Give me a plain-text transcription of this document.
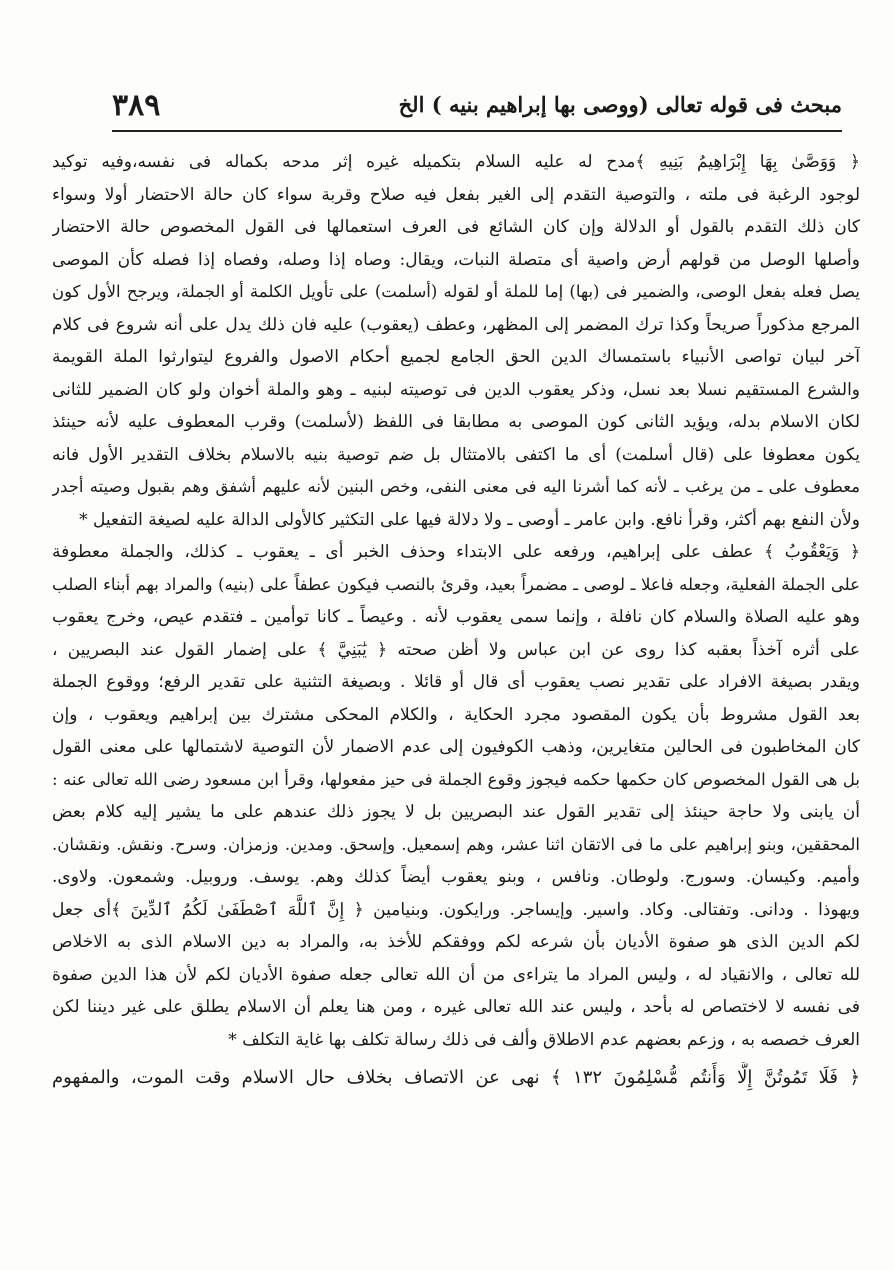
مبحث فى قوله تعالى (ووصى بها إبراهيم بنيه ) الخ
٣٨٩
﴿ وَوَصَّىٰ بِهَا إِبْرَاهِيمُ بَنِيهِ ﴾مدح له عليه السلام بتكميله غيره إثر مدحه بكماله فى نفسه،وفيه توكيد
لوجود الرغبة فى ملته ، والتوصية التقدم إلى الغير بفعل فيه صلاح وقربة سواء كان حالة الاحتضار أولا وسواء
كان ذلك التقدم بالقول أو الدلالة وإن كان الشائع فى العرف استعمالها فى القول المخصوص حالة الاحتضار
وأصلها الوصل من قولهم أرض واصية أى متصلة النبات، ويقال: وصاه إذا وصله، وفصاه إذا فصله كأن الموصى
يصل فعله بفعل الوصى، والضمير فى (بها) إما للملة أو لقوله (أسلمت) على تأويل الكلمة أو الجملة، ويرجح الأول كون
المرجع مذكوراً صريحاً وكذا ترك المضمر إلى المظهر، وعطف (يعقوب) عليه فان ذلك يدل على أنه شروع فى كلام
آخر لبيان تواصى الأنبياء باستمساك الدين الحق الجامع لجميع أحكام الاصول والفروع ليتوارثوا الملة القويمة
والشرع المستقيم نسلا بعد نسل، وذكر يعقوب الدين فى توصيته لبنيه ـ وهو والملة أخوان ولو كان الضمير للثانى
لكان الاسلام بدله، ويؤيد الثانى كون الموصى به مطابقا فى اللفظ (لأسلمت) وقرب المعطوف عليه لأنه حينئذ
يكون معطوفا على (قال أسلمت) أى ما اكتفى بالامتثال بل ضم توصية بنيه بالاسلام بخلاف التقدير الأول فانه
معطوف على ـ من يرغب ـ لأنه كما أشرنا اليه فى معنى النفى، وخص البنين لأنه عليهم أشفق وهم بقبول وصيته أجدر
ولأن النفع بهم أكثر، وقرأ نافع. وابن عامر ـ أوصى ـ ولا دلالة فيها على التكثير كالأولى الدالة عليه لصيغة التفعيل *
﴿ وَيَعْقُوبُ ﴾ عطف على إبراهيم، ورفعه على الابتداء وحذف الخبر أى ـ يعقوب ـ كذلك، والجملة معطوفة
على الجملة الفعلية، وجعله فاعلا ـ لوصى ـ مضمراً بعيد، وقرئ بالنصب فيكون عطفاً على (بنيه) والمراد بهم أبناء الصلب
وهو عليه الصلاة والسلام كان نافلة ، وإنما سمى يعقوب لأنه . وعيصاً ـ كانا توأمين ـ فتقدم عيص، وخرج يعقوب
على أثره آخذاً بعقبه كذا روى عن ابن عباس ولا أظن صحته ﴿ يَٰبَنِيَّ ﴾ على إضمار القول عند البصريين ،
ويقدر بصيغة الافراد على تقدير نصب يعقوب أى قال أو قائلا . وبصيغة التثنية على تقدير الرفع؛ ووقوع الجملة
بعد القول مشروط بأن يكون المقصود مجرد الحكاية ، والكلام المحكى مشترك بين إبراهيم ويعقوب ، وإن
كان المخاطبون فى الحالين متغايرين، وذهب الكوفيون إلى عدم الاضمار لأن التوصية لاشتمالها على معنى القول
بل هى القول المخصوص كان حكمها حكمه فيجوز وقوع الجملة فى حيز مفعولها، وقرأ ابن مسعود رضى الله تعالى عنه :
أن يابنى ولا حاجة حينئذ إلى تقدير القول عند البصريين بل لا يجوز ذلك عندهم على ما يشير إليه كلام بعض
المحققين، وبنو إبراهيم على ما فى الاتقان اثنا عشر، وهم إسمعيل. وإسحق. ومدين. وزمزان. وسرح. ونقش. ونقشان.
وأميم. وكيسان. وسورج. ولوطان. ونافس ، وبنو يعقوب أيضاً كذلك وهم. يوسف. وروبيل. وشمعون. ولاوى.
ويهوذا . ودانى. وتفتالى. وكاد. واسير. وإيساجر. ورايكون. وبنيامين ﴿ إِنَّ ٱللَّهَ ٱصْطَفَىٰ لَكُمُ ٱلدِّينَ ﴾أى جعل
لكم الدين الذى هو صفوة الأديان بأن شرعه لكم ووفقكم للأخذ به، والمراد به دين الاسلام الذى به الاخلاص
لله تعالى ، والانقياد له ، وليس المراد ما يتراءى من أن الله تعالى جعله صفوة الأديان لكم لأن هذا الدين صفوة
فى نفسه لا لاختصاص له بأحد ، وليس عند الله تعالى غيره ، ومن هنا يعلم أن الاسلام يطلق على غير ديننا لكن
العرف خصصه به ، وزعم بعضهم عدم الاطلاق وألف فى ذلك رسالة تكلف بها غاية التكلف *
﴿ فَلَا تَمُوتُنَّ إِلَّا وَأَنتُم مُّسْلِمُونَ ١٣٢ ﴾ نهى عن الاتصاف بخلاف حال الاسلام وقت الموت، والمفهوم
